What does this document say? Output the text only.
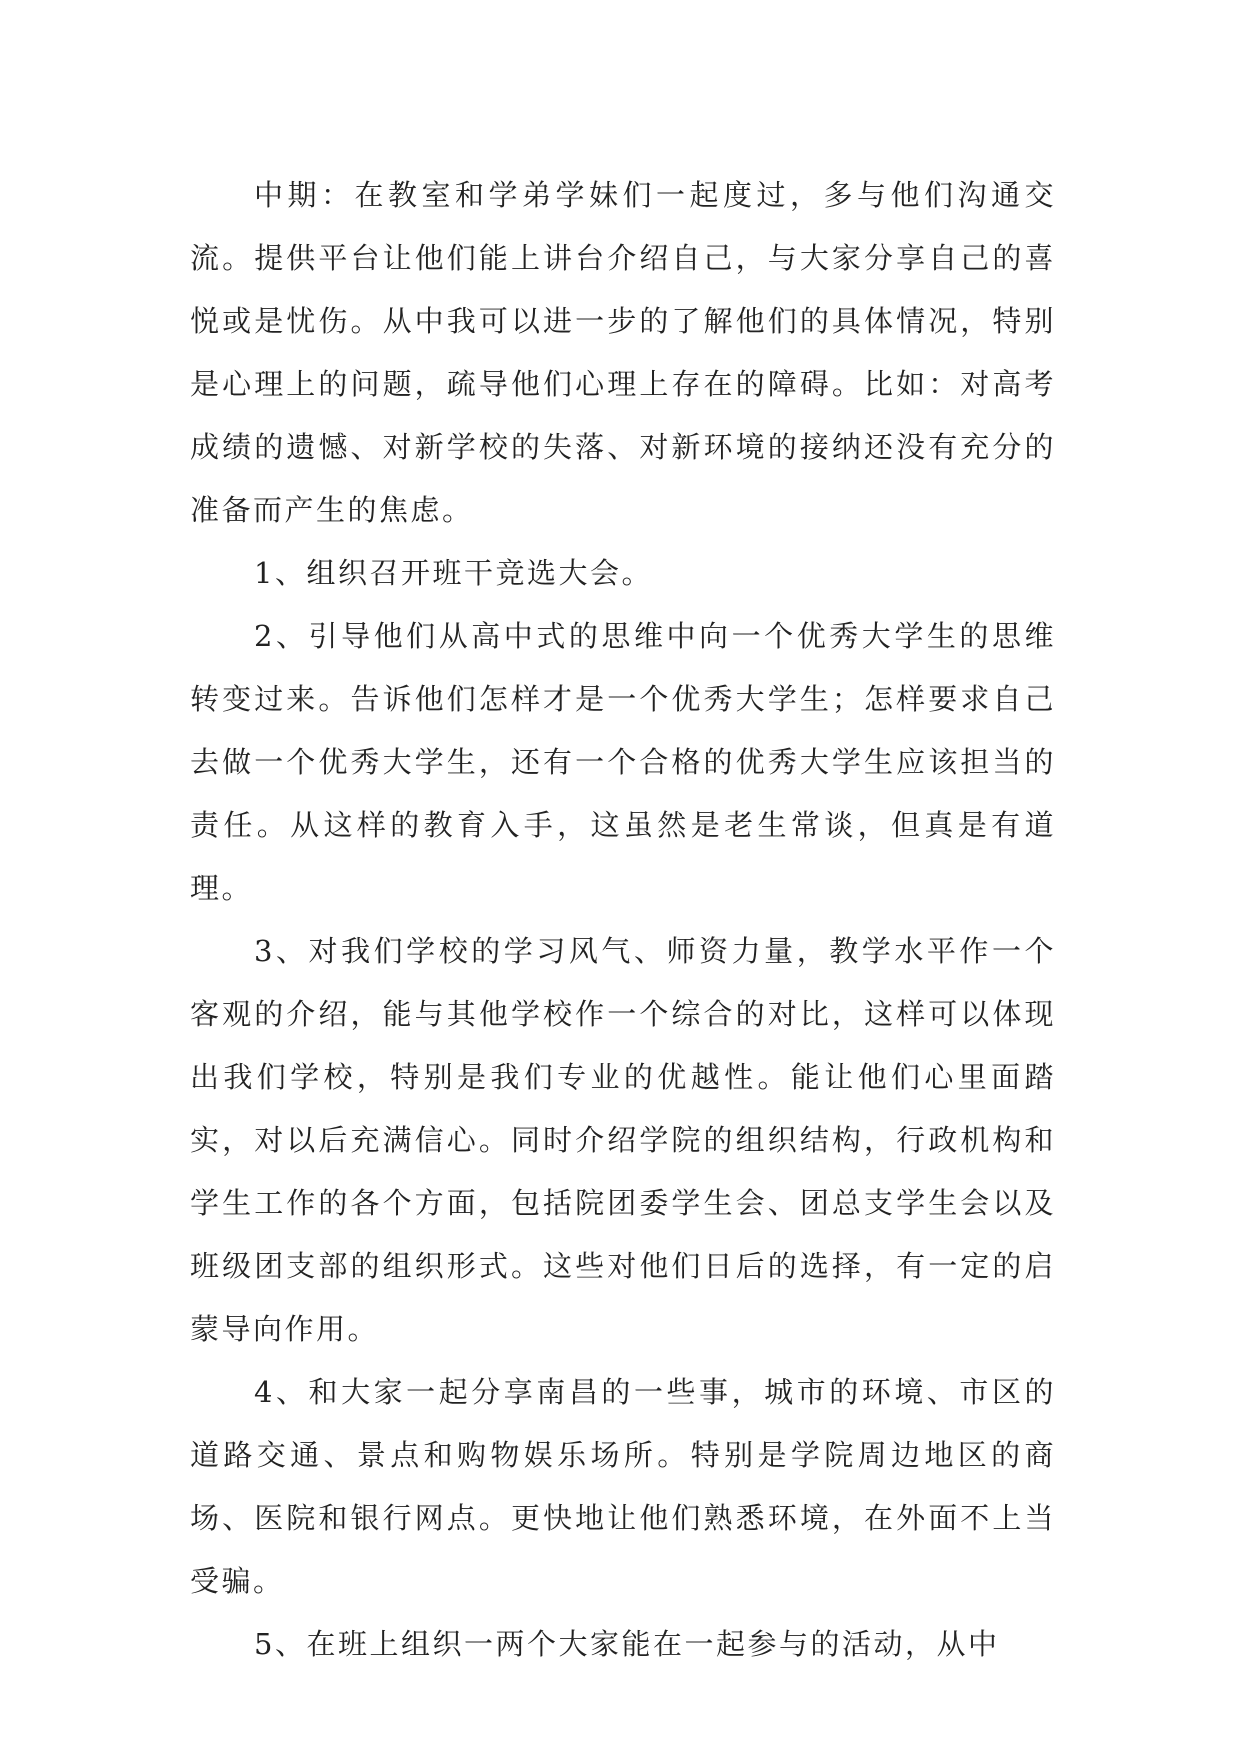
中期：在教室和学弟学妹们一起度过，多与他们沟通交流。提供平台让他们能上讲台介绍自己，与大家分享自己的喜悦或是忧伤。从中我可以进一步的了解他们的具体情况，特别是心理上的问题，疏导他们心理上存在的障碍。比如：对高考成绩的遗憾、对新学校的失落、对新环境的接纳还没有充分的准备而产生的焦虑。

1、组织召开班干竞选大会。

2、引导他们从高中式的思维中向一个优秀大学生的思维转变过来。告诉他们怎样才是一个优秀大学生；怎样要求自己去做一个优秀大学生，还有一个合格的优秀大学生应该担当的责任。从这样的教育入手，这虽然是老生常谈，但真是有道理。

3、对我们学校的学习风气、师资力量，教学水平作一个客观的介绍，能与其他学校作一个综合的对比，这样可以体现出我们学校，特别是我们专业的优越性。能让他们心里面踏实，对以后充满信心。同时介绍学院的组织结构，行政机构和学生工作的各个方面，包括院团委学生会、团总支学生会以及班级团支部的组织形式。这些对他们日后的选择，有一定的启蒙导向作用。

4、和大家一起分享南昌的一些事，城市的环境、市区的道路交通、景点和购物娱乐场所。特别是学院周边地区的商场、医院和银行网点。更快地让他们熟悉环境，在外面不上当受骗。

5、在班上组织一两个大家能在一起参与的活动，从中
